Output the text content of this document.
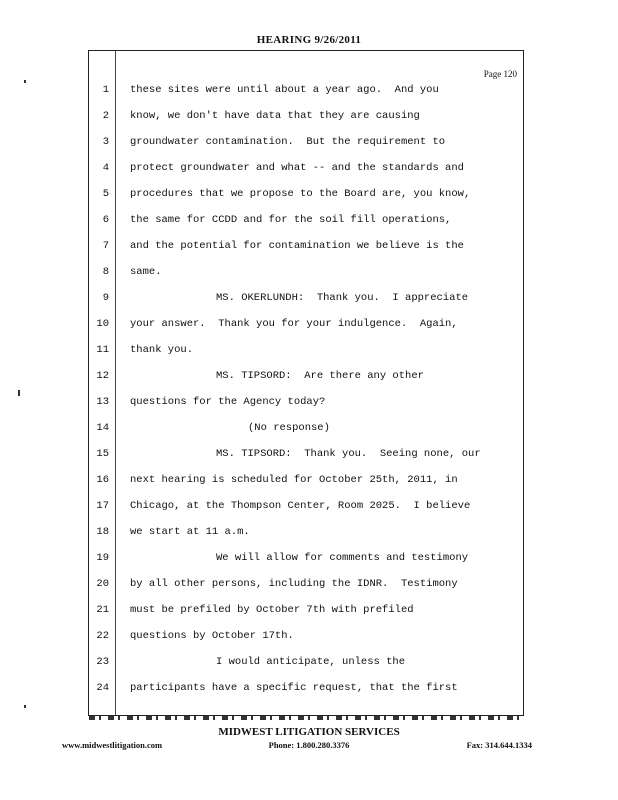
HEARING 9/26/2011
Page 120
1 these sites were until about a year ago.  And you
2 know, we don't have data that they are causing
3 groundwater contamination.  But the requirement to
4 protect groundwater and what -- and the standards and
5 procedures that we propose to the Board are, you know,
6 the same for CCDD and for the soil fill operations,
7 and the potential for contamination we believe is the
8 same.
9	MS. OKERLUNDH:  Thank you.  I appreciate
10 your answer.  Thank you for your indulgence.  Again,
11 thank you.
12	MS. TIPSORD:  Are there any other
13 questions for the Agency today?
14	(No response)
15	MS. TIPSORD:  Thank you.  Seeing none, our
16 next hearing is scheduled for October 25th, 2011, in
17 Chicago, at the Thompson Center, Room 2025.  I believe
18 we start at 11 a.m.
19	We will allow for comments and testimony
20 by all other persons, including the IDNR.  Testimony
21 must be prefiled by October 7th with prefiled
22 questions by October 17th.
23	I would anticipate, unless the
24 participants have a specific request, that the first
MIDWEST LITIGATION SERVICES
www.midwestlitigation.com	Phone: 1.800.280.3376	Fax: 314.644.1334
